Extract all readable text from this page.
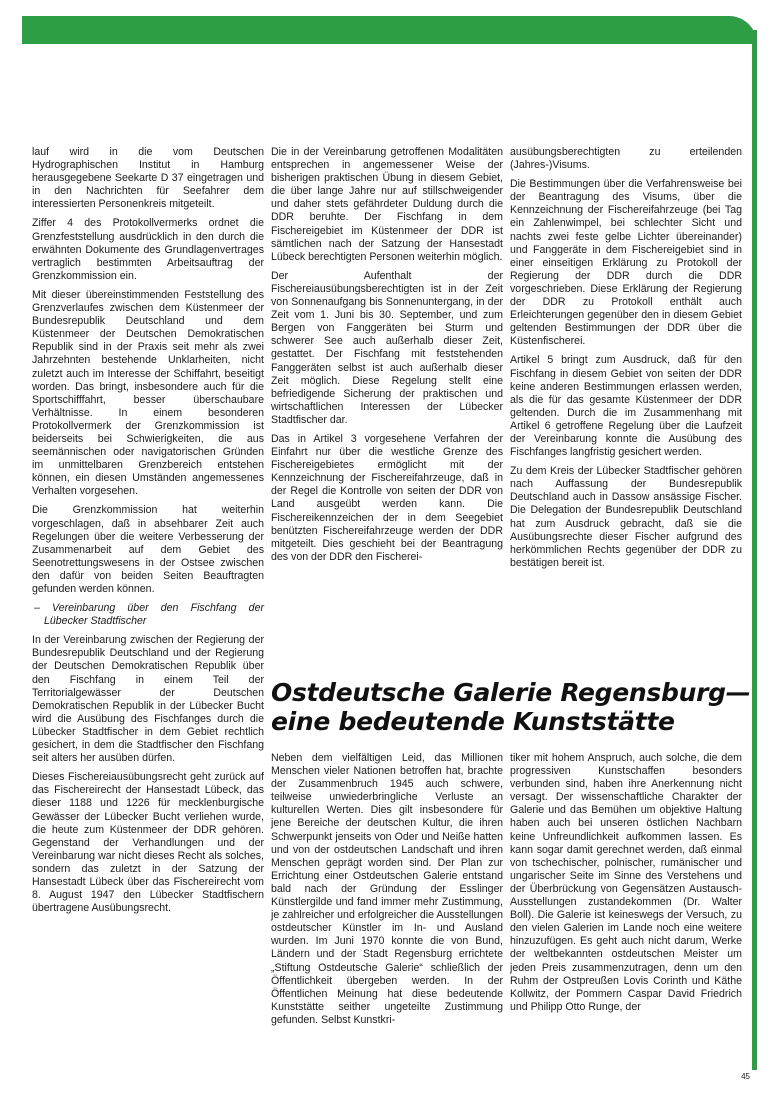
lauf wird in die vom Deutschen Hydrographischen Institut in Hamburg herausgegebene Seekarte D 37 eingetragen und in den Nachrichten für Seefahrer dem interessierten Personenkreis mitgeteilt.

Ziffer 4 des Protokollvermerks ordnet die Grenzfeststellung ausdrücklich in den durch die erwähnten Dokumente des Grundlagenvertrages vertraglich bestimmten Arbeitsauftrag der Grenzkommission ein.

Mit dieser übereinstimmenden Feststellung des Grenzverlaufes zwischen dem Küstenmeer der Bundesrepublik Deutschland und dem Küstenmeer der Deutschen Demokratischen Republik sind in der Praxis seit mehr als zwei Jahrzehnten bestehende Unklarheiten, nicht zuletzt auch im Interesse der Schiffahrt, beseitigt worden. Das bringt, insbesondere auch für die Sportschifffahrt, besser überschaubare Verhältnisse. In einem besonderen Protokollvermerk der Grenzkommission ist beiderseits bei Schwierigkeiten, die aus seemännischen oder navigatorischen Gründen im unmittelbaren Grenzbereich entstehen können, ein diesen Umständen angemessenes Verhalten vorgesehen.

Die Grenzkommission hat weiterhin vorgeschlagen, daß in absehbarer Zeit auch Regelungen über die weitere Verbesserung der Zusammenarbeit auf dem Gebiet des Seenotrettungswesens in der Ostsee zwischen den dafür von beiden Seiten Beauftragten gefunden werden können.

– Vereinbarung über den Fischfang der Lübecker Stadtfischer

In der Vereinbarung zwischen der Regierung der Bundesrepublik Deutschland und der Regierung der Deutschen Demokratischen Republik über den Fischfang in einem Teil der Territorialgewässer der Deutschen Demokratischen Republik in der Lübecker Bucht wird die Ausübung des Fischfanges durch die Lübecker Stadtfischer in dem Gebiet rechtlich gesichert, in dem die Stadtfischer den Fischfang seit alters her ausüben dürfen.

Dieses Fischereiausübungsrecht geht zurück auf das Fischereirecht der Hansestadt Lübeck, das dieser 1188 und 1226 für mecklenburgische Gewässer der Lübecker Bucht verliehen wurde, die heute zum Küstenmeer der DDR gehören. Gegenstand der Verhandlungen und der Vereinbarung war nicht dieses Recht als solches, sondern das zuletzt in der Satzung der Hansestadt Lübeck über das Fischereirecht vom 8. August 1947 den Lübecker Stadtfischern übertragene Ausübungsrecht.

Die in der Vereinbarung getroffenen Modalitäten entsprechen in angemessener Weise der bisherigen praktischen Übung in diesem Gebiet, die über lange Jahre nur auf stillschweigender und daher stets gefährdeter Duldung durch die DDR beruhte. Der Fischfang in dem Fischereigebiet im Küstenmeer der DDR ist sämtlichen nach der Satzung der Hansestadt Lübeck berechtigten Personen weiterhin möglich.

Der Aufenthalt der Fischereiausübungsberechtigten ist in der Zeit von Sonnenaufgang bis Sonnenuntergang, in der Zeit vom 1. Juni bis 30. September, und zum Bergen von Fanggeräten bei Sturm und schwerer See auch außerhalb dieser Zeit, gestattet. Der Fischfang mit feststehenden Fanggeräten selbst ist auch außerhalb dieser Zeit möglich. Diese Regelung stellt eine befriedigende Sicherung der praktischen und wirtschaftlichen Interessen der Lübecker Stadtfischer dar.

Das in Artikel 3 vorgesehene Verfahren der Einfahrt nur über die westliche Grenze des Fischereigebietes ermöglicht mit der Kennzeichnung der Fischereifahrzeuge, daß in der Regel die Kontrolle von seiten der DDR von Land ausgeübt werden kann. Die Fischereikennzeichen der in dem Seegebiet benützten Fischereifahrzeuge werden der DDR mitgeteilt. Dies geschieht bei der Beantragung des von der DDR den Fischerei-

ausübungsberechtigten zu erteilenden (Jahres-)Visums.

Die Bestimmungen über die Verfahrensweise bei der Beantragung des Visums, über die Kennzeichnung der Fischereifahrzeuge (bei Tag ein Zahlenwimpel, bei schlechter Sicht und nachts zwei feste gelbe Lichter übereinander) und Fanggeräte in dem Fischereigebiet sind in einer einseitigen Erklärung zu Protokoll der Regierung der DDR durch die DDR vorgeschrieben. Diese Erklärung der Regierung der DDR zu Protokoll enthält auch Erleichterungen gegenüber den in diesem Gebiet geltenden Bestimmungen der DDR über die Küstenfischerei.

Artikel 5 bringt zum Ausdruck, daß für den Fischfang in diesem Gebiet von seiten der DDR keine anderen Bestimmungen erlassen werden, als die für das gesamte Küstenmeer der DDR geltenden. Durch die im Zusammenhang mit Artikel 6 getroffene Regelung über die Laufzeit der Vereinbarung konnte die Ausübung des Fischfanges langfristig gesichert werden.

Zu dem Kreis der Lübecker Stadtfischer gehören nach Auffassung der Bundesrepublik Deutschland auch in Dassow ansässige Fischer. Die Delegation der Bundesrepublik Deutschland hat zum Ausdruck gebracht, daß sie die Ausübungsrechte dieser Fischer aufgrund des herkömmlichen Rechts gegenüber der DDR zu bestätigen bereit ist.

Ostdeutsche Galerie Regensburg—
eine bedeutende Kunststätte

Neben dem vielfältigen Leid, das Millionen Menschen vieler Nationen betroffen hat, brachte der Zusammenbruch 1945 auch schwere, teilweise unwiederbringliche Verluste an kulturellen Werten. Dies gilt insbesondere für jene Bereiche der deutschen Kultur, die ihren Schwerpunkt jenseits von Oder und Neiße hatten und von der ostdeutschen Landschaft und ihren Menschen geprägt worden sind. Der Plan zur Errichtung einer Ostdeutschen Galerie entstand bald nach der Gründung der Esslinger Künstlergilde und fand immer mehr Zustimmung, je zahlreicher und erfolgreicher die Ausstellungen ostdeutscher Künstler im In- und Ausland wurden. Im Juni 1970 konnte die von Bund, Ländern und der Stadt Regensburg errichtete „Stiftung Ostdeutsche Galerie“ schließlich der Öffentlichkeit übergeben werden. In der Öffentlichen Meinung hat diese bedeutende Kunststätte seither ungeteilte Zustimmung gefunden. Selbst Kunstkri-

tiker mit hohem Anspruch, auch solche, die dem progressiven Kunstschaffen besonders verbunden sind, haben ihre Anerkennung nicht versagt. Der wissenschaftliche Charakter der Galerie und das Bemühen um objektive Haltung haben auch bei unseren östlichen Nachbarn keine Unfreundlichkeit aufkommen lassen. Es kann sogar damit gerechnet werden, daß einmal von tschechischer, polnischer, rumänischer und ungarischer Seite im Sinne des Verstehens und der Überbrückung von Gegensätzen Austausch-Ausstellungen zustandekommen (Dr. Walter Boll). Die Galerie ist keineswegs der Versuch, zu den vielen Galerien im Lande noch eine weitere hinzuzufügen. Es geht auch nicht darum, Werke der weltbekannten ostdeutschen Meister um jeden Preis zusammenzutragen, denn um den Ruhm der Ostpreußen Lovis Corinth und Käthe Kollwitz, der Pommern Caspar David Friedrich und Philipp Otto Runge, der

45
